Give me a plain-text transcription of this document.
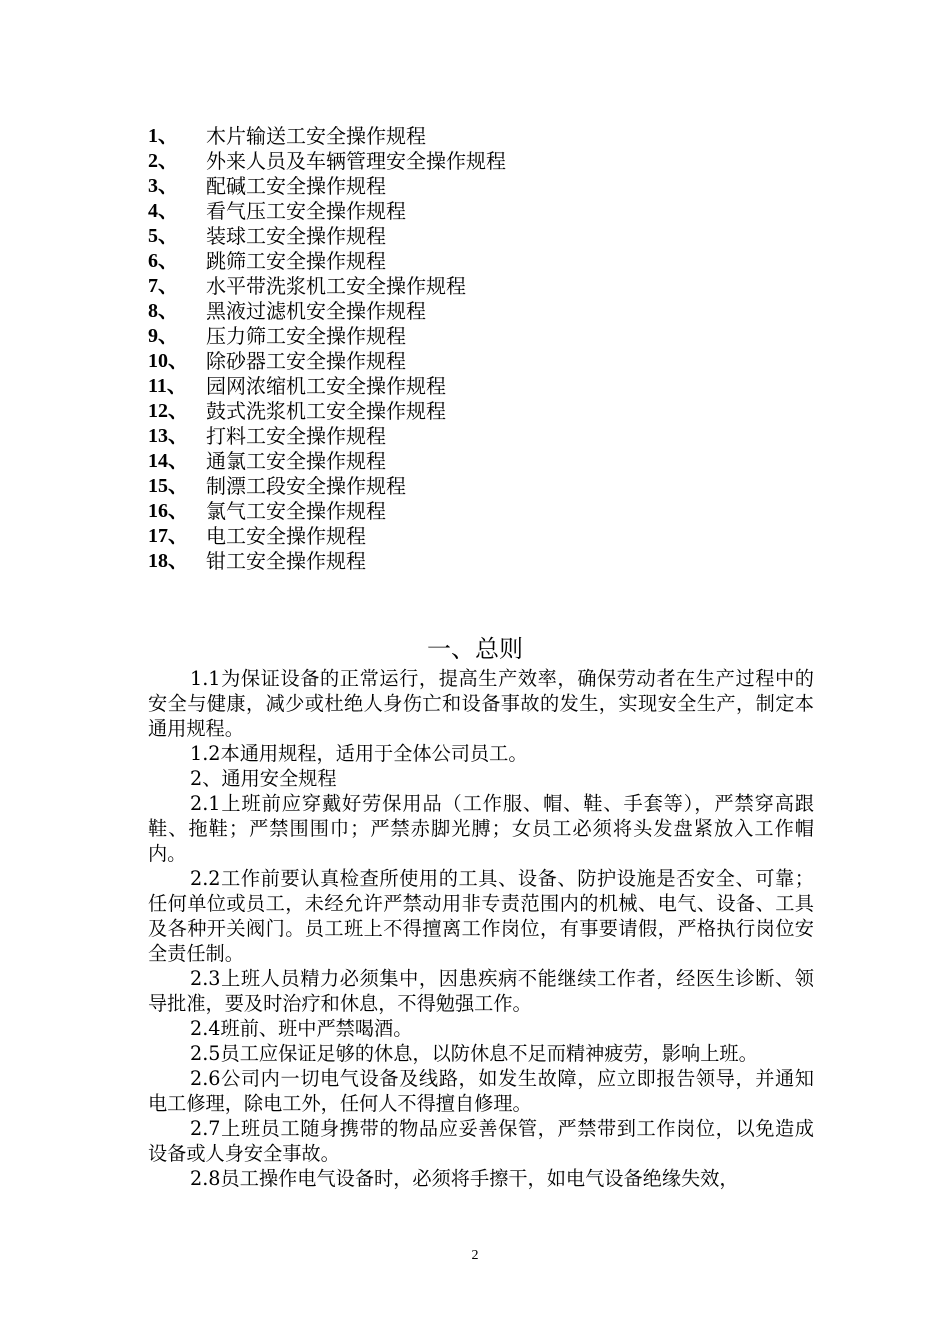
1、	木片输送工安全操作规程
2、	外来人员及车辆管理安全操作规程
3、	配碱工安全操作规程
4、	看气压工安全操作规程
5、	装球工安全操作规程
6、	跳筛工安全操作规程
7、	水平带洗浆机工安全操作规程
8、	黑液过滤机安全操作规程
9、	压力筛工安全操作规程
10、 除砂器工安全操作规程
11、 园网浓缩机工安全操作规程
12、 鼓式洗浆机工安全操作规程
13、 打料工安全操作规程
14、 通氯工安全操作规程
15、 制漂工段安全操作规程
16、 氯气工安全操作规程
17、 电工安全操作规程
18、 钳工安全操作规程
一、总则

1.1为保证设备的正常运行，提高生产效率，确保劳动者在生产过程中的安全与健康，减少或杜绝人身伤亡和设备事故的发生，实现安全生产，制定本通用规程。

1.2本通用规程，适用于全体公司员工。

2、通用安全规程

2.1上班前应穿戴好劳保用品（工作服、帽、鞋、手套等），严禁穿高跟鞋、拖鞋；严禁围围巾；严禁赤脚光膊；女员工必须将头发盘紧放入工作帽内。

2.2工作前要认真检查所使用的工具、设备、防护设施是否安全、可靠；任何单位或员工，未经允许严禁动用非专责范围内的机械、电气、设备、工具及各种开关阀门。员工班上不得擅离工作岗位，有事要请假，严格执行岗位安全责任制。

2.3上班人员精力必须集中，因患疾病不能继续工作者，经医生诊断、领导批准，要及时治疗和休息，不得勉强工作。

2.4班前、班中严禁喝酒。

2.5员工应保证足够的休息，以防休息不足而精神疲劳，影响上班。

2.6公司内一切电气设备及线路，如发生故障，应立即报告领导，并通知电工修理，除电工外，任何人不得擅自修理。

2.7上班员工随身携带的物品应妥善保管，严禁带到工作岗位，以免造成设备或人身安全事故。

2.8员工操作电气设备时，必须将手擦干，如电气设备绝缘失效，

2
